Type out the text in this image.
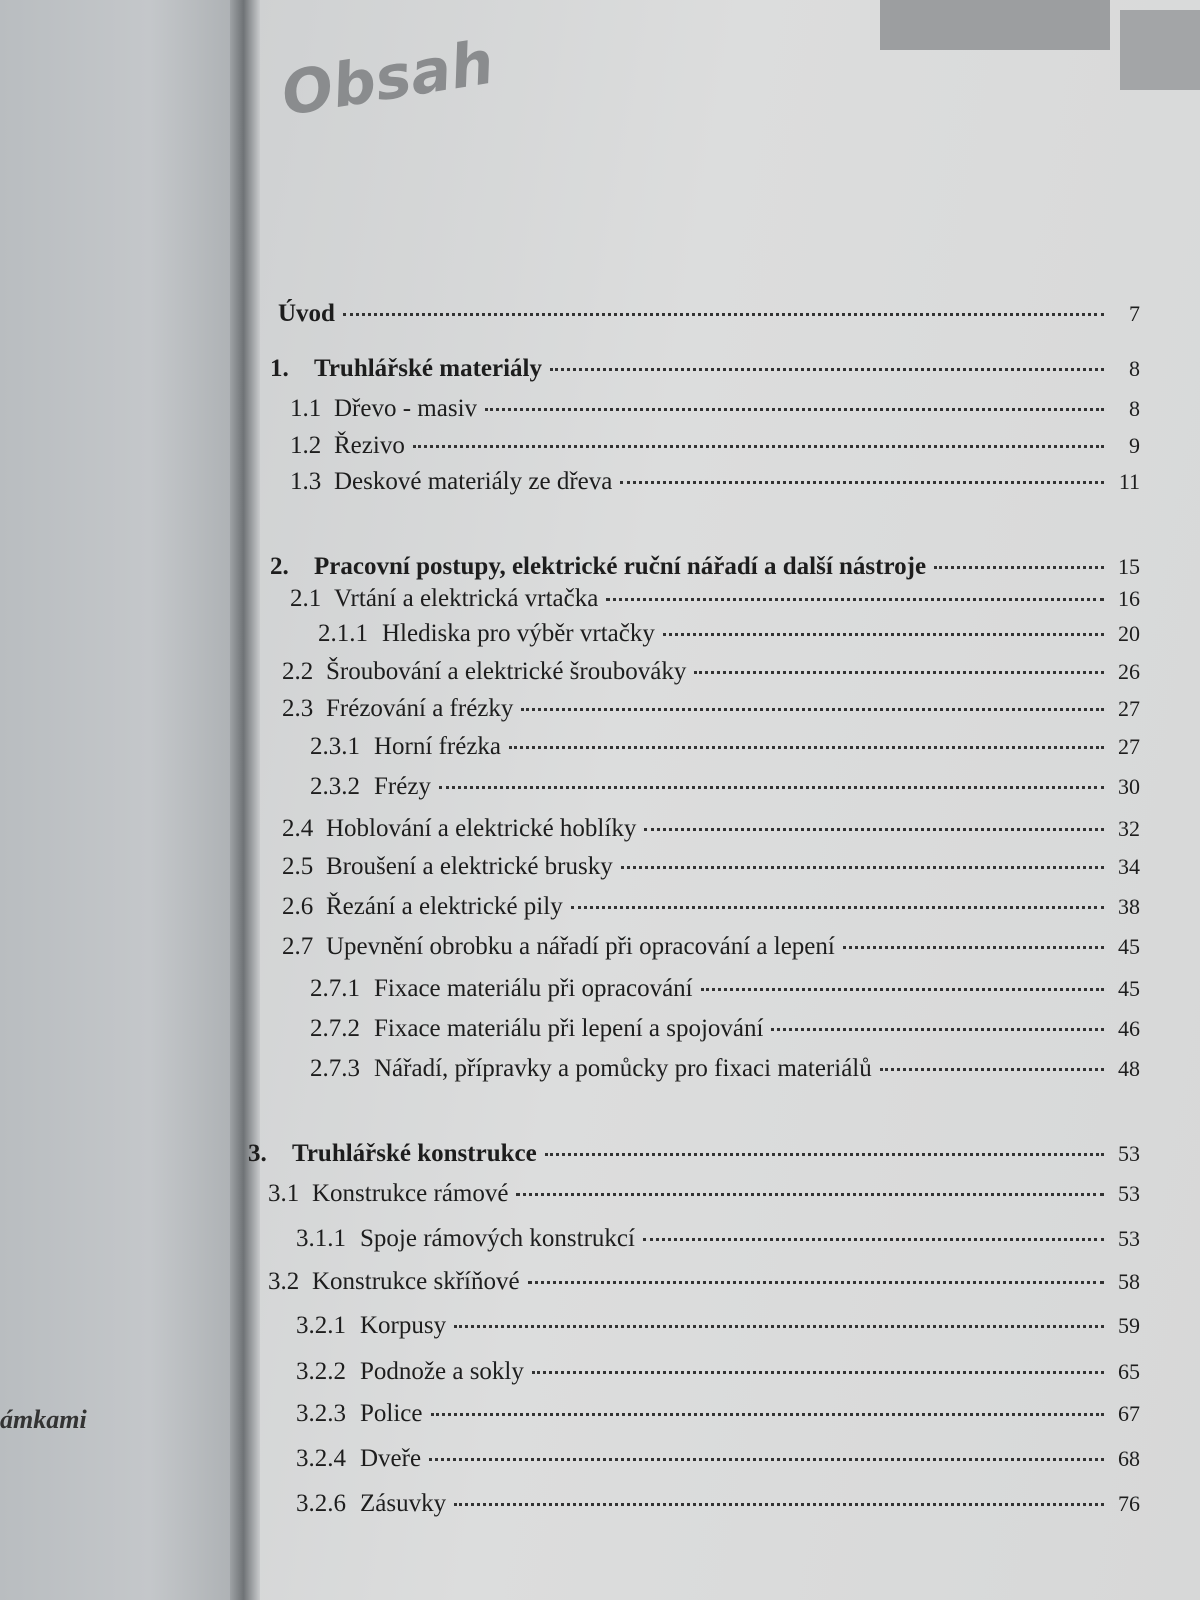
ámkami
Obsah
Úvod	7
1.	Truhlářské materiály	8
1.1 Dřevo - masiv	8
1.2 Řezivo	9
1.3 Deskové materiály ze dřeva	11
2.	Pracovní postupy, elektrické ruční nářadí a další nástroje	15
2.1 Vrtání a elektrická vrtačka	16
2.1.1 Hlediska pro výběr vrtačky	20
2.2 Šroubování a elektrické šroubováky	26
2.3 Frézování a frézky	27
2.3.1 Horní frézka	27
2.3.2 Frézy	30
2.4 Hoblování a elektrické hoblíky	32
2.5 Broušení a elektrické brusky	34
2.6 Řezání a elektrické pily	38
2.7 Upevnění obrobku a nářadí při opracování a lepení	45
2.7.1 Fixace materiálu při opracování	45
2.7.2 Fixace materiálu při lepení a spojování	46
2.7.3 Nářadí, přípravky a pomůcky pro fixaci materiálů	48
3.	Truhlářské konstrukce	53
3.1 Konstrukce rámové	53
3.1.1 Spoje rámových konstrukcí	53
3.2 Konstrukce skříňové	58
3.2.1 Korpusy	59
3.2.2 Podnože a sokly	65
3.2.3 Police	67
3.2.4 Dveře	68
3.2.6 Zásuvky	76
